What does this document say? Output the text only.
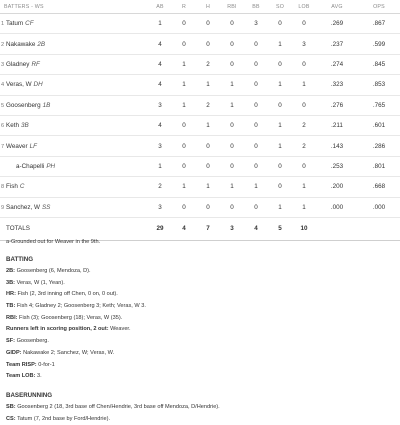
BATTERS - WS	AB	R	H	RBI	BB	SO	LOB	AVG	OPS
1 Tatum CF	1	0	0	0	3	0	0	.269	.867
2 Nakawake 2B	4	0	0	0	0	1	3	.237	.599
3 Gladney RF	4	1	2	0	0	0	0	.274	.845
4 Veras, W DH	4	1	1	1	0	1	1	.323	.853
5 Goosenberg 1B	3	1	2	1	0	0	0	.276	.765
6 Keth 3B	4	0	1	0	0	1	2	.211	.601
7 Weaver LF	3	0	0	0	0	1	2	.143	.286
a-Chapelli PH	1	0	0	0	0	0	0	.253	.801
8 Fish C	2	1	1	1	1	0	1	.200	.668
9 Sanchez, W SS	3	0	0	0	0	1	1	.000	.000
TOTALS	29	4	7	3	4	5	10		
a-Grounded out for Weaver in the 9th.
BATTING
2B: Goosenberg (6, Mendoza, D).
3B: Veras, W (1, Yean).
HR: Fish (2, 3rd inning off Chen, 0 on, 0 out).
TB: Fish 4; Gladney 2; Goosenberg 3; Keth; Veras, W 3.
RBI: Fish (3); Goosenberg (18); Veras, W (35).
Runners left in scoring position, 2 out: Weaver.
SF: Goosenberg.
GIDP: Nakawake 2; Sanchez, W; Veras, W.
Team RISP: 0-for-1
Team LOB: 3.
BASERUNNING
SB: Goosenberg 2 (18, 3rd base off Chen/Hendrie, 3rd base off Mendoza, D/Hendrie).
CS: Tatum (7, 2nd base by Ford/Hendrie).
